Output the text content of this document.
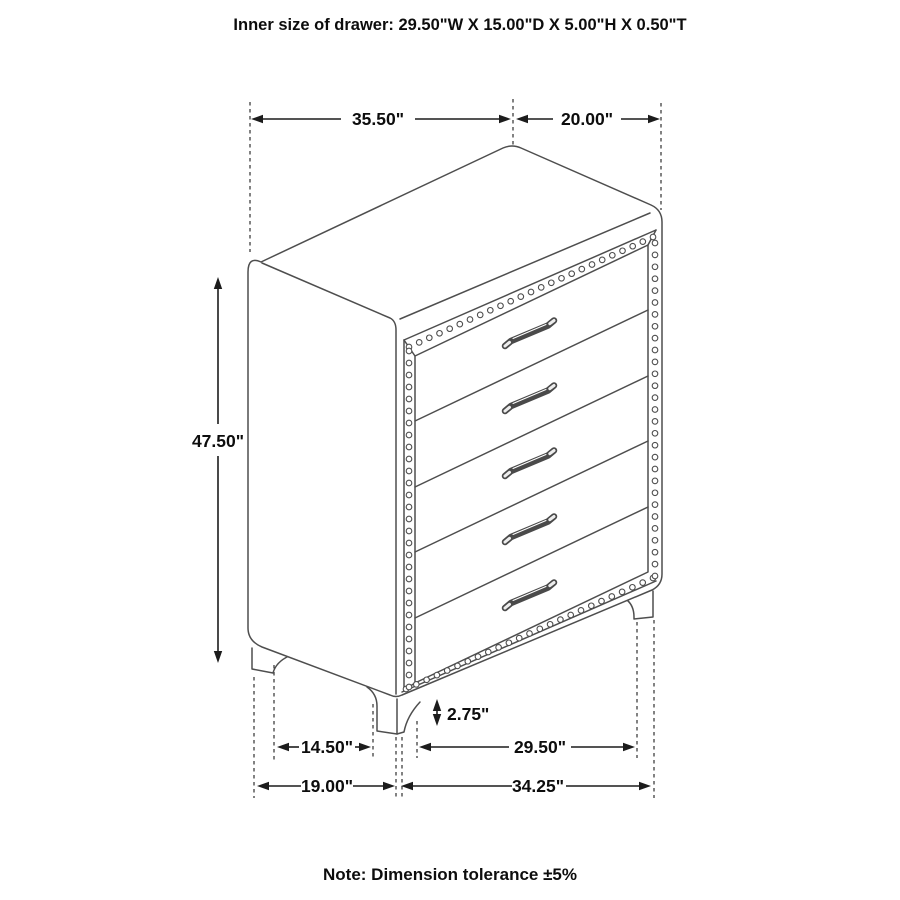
Inner size of drawer: 29.50"W X 15.00"D X 5.00"H X 0.50"T
35.50"	20.00"
47.50"
2.75"
14.50"	29.50"
19.00"	34.25"
Note: Dimension tolerance ±5%
